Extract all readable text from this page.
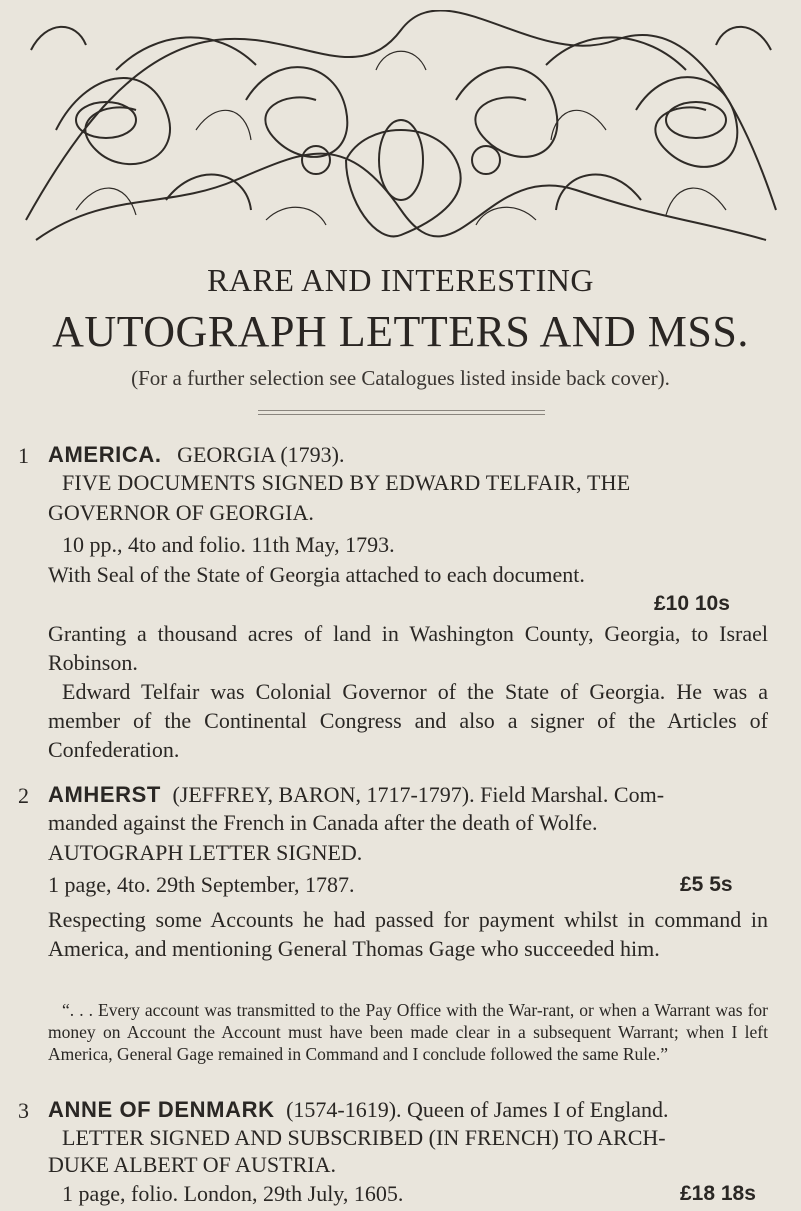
RARE AND INTERESTING
AUTOGRAPH LETTERS AND MSS.
(For a further selection see Catalogues listed inside back cover).
1 AMERICA. GEORGIA (1793).
FIVE DOCUMENTS SIGNED BY EDWARD TELFAIR, THE
GOVERNOR OF GEORGIA.
10 pp., 4to and folio. 11th May, 1793.
With Seal of the State of Georgia attached to each document.
£10 10s
Granting a thousand acres of land in Washington County, Georgia, to Israel Robinson.
Edward Telfair was Colonial Governor of the State of Georgia. He was a member of the Continental Congress and also a signer of the Articles of Confederation.
2 AMHERST (JEFFREY, BARON, 1717-1797). Field Marshal. Com-
manded against the French in Canada after the death of Wolfe.
AUTOGRAPH LETTER SIGNED.
1 page, 4to. 29th September, 1787.	£5 5s
Respecting some Accounts he had passed for payment whilst in command in America, and mentioning General Thomas Gage who succeeded him.
“. . . Every account was transmitted to the Pay Office with the War-rant, or when a Warrant was for money on Account the Account must have been made clear in a subsequent Warrant; when I left America, General Gage remained in Command and I conclude followed the same Rule.”
3 ANNE OF DENMARK (1574-1619). Queen of James I of England.
LETTER SIGNED AND SUBSCRIBED (IN FRENCH) TO ARCH-
DUKE ALBERT OF AUSTRIA.
1 page, folio. London, 29th July, 1605.	£18 18s
